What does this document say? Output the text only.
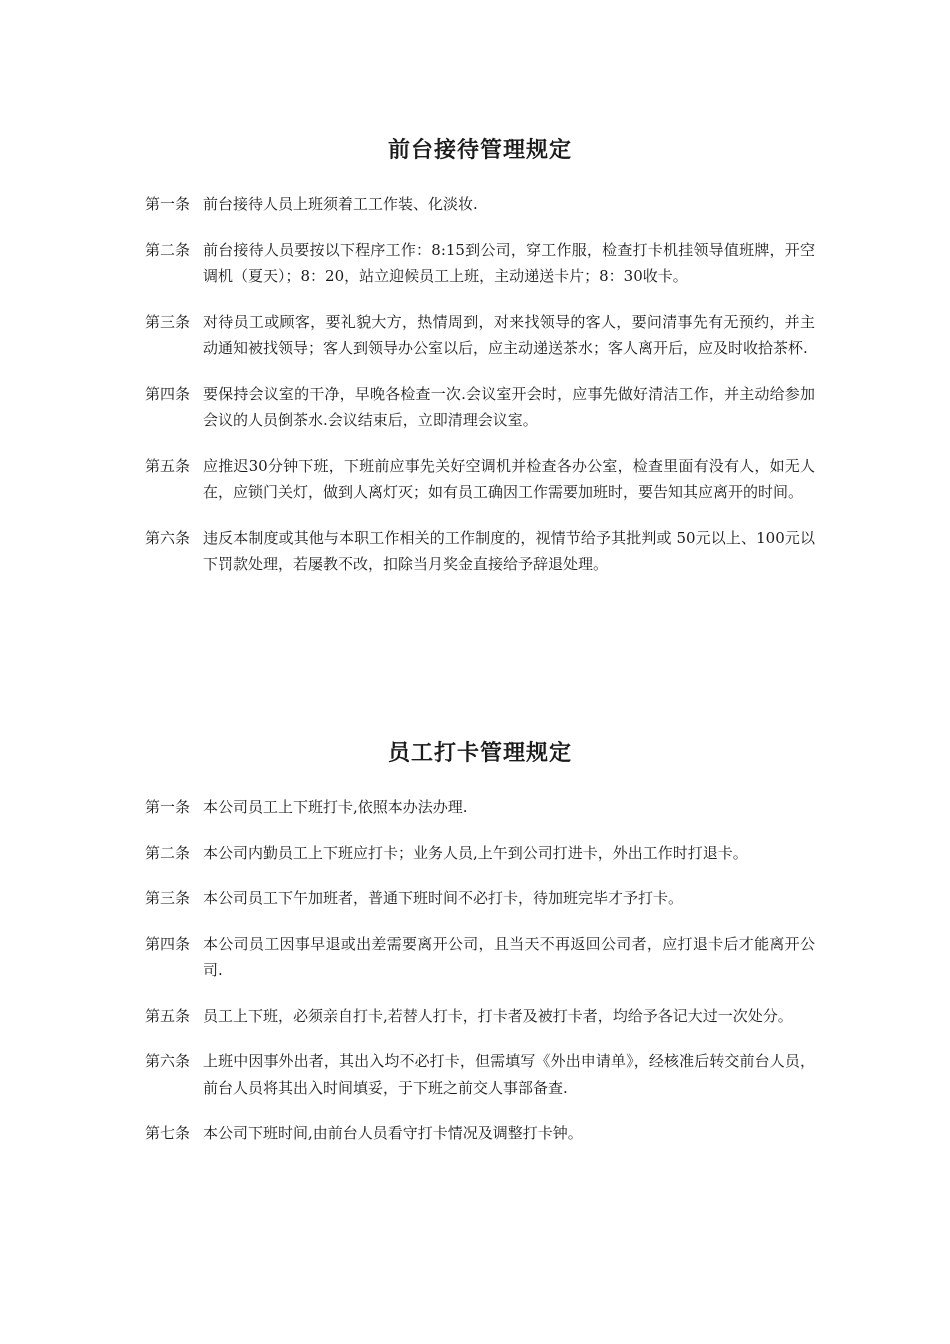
前台接待管理规定
第一条 前台接待人员上班须着工工作装、化淡妆.
第二条 前台接待人员要按以下程序工作：8:15到公司，穿工作服，检查打卡机挂领导值班牌，开空调机（夏天）；8：20，站立迎候员工上班，主动递送卡片；8：30收卡。
第三条 对待员工或顾客，要礼貌大方，热情周到，对来找领导的客人，要问清事先有无预约，并主动通知被找领导；客人到领导办公室以后，应主动递送茶水；客人离开后，应及时收拾茶杯.
第四条 要保持会议室的干净，早晚各检查一次.会议室开会时，应事先做好清洁工作，并主动给参加会议的人员倒茶水.会议结束后，立即清理会议室。
第五条 应推迟30分钟下班，下班前应事先关好空调机并检查各办公室，检查里面有没有人，如无人在，应锁门关灯，做到人离灯灭；如有员工确因工作需要加班时，要告知其应离开的时间。
第六条 违反本制度或其他与本职工作相关的工作制度的，视情节给予其批判或 50元以上、100元以下罚款处理，若屡教不改，扣除当月奖金直接给予辞退处理。
员工打卡管理规定
第一条 本公司员工上下班打卡,依照本办法办理.
第二条 本公司内勤员工上下班应打卡；业务人员,上午到公司打进卡，外出工作时打退卡。
第三条 本公司员工下午加班者，普通下班时间不必打卡，待加班完毕才予打卡。
第四条 本公司员工因事早退或出差需要离开公司，且当天不再返回公司者，应打退卡后才能离开公司.
第五条 员工上下班，必须亲自打卡,若替人打卡，打卡者及被打卡者，均给予各记大过一次处分。
第六条 上班中因事外出者，其出入均不必打卡，但需填写《外出申请单》，经核准后转交前台人员，前台人员将其出入时间填妥，于下班之前交人事部备查.
第七条 本公司下班时间,由前台人员看守打卡情况及调整打卡钟。
